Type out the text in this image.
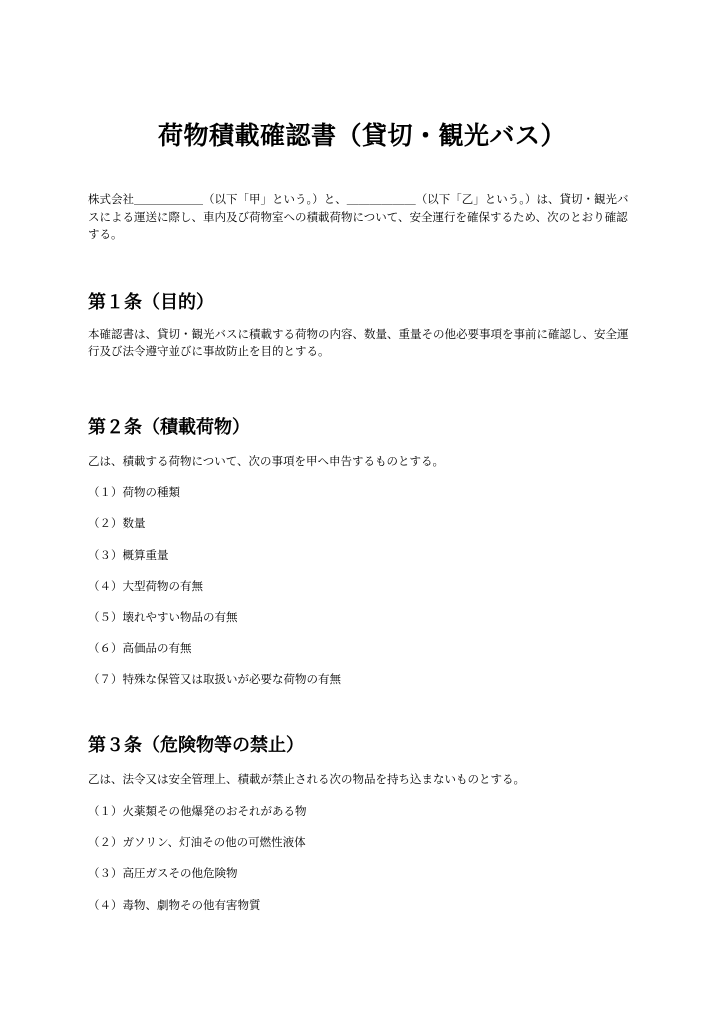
荷物積載確認書（貸切・観光バス）

株式会社＿＿＿＿＿＿（以下「甲」という。）と、＿＿＿＿＿＿（以下「乙」という。）は、貸切・観光バスによる運送に際し、車内及び荷物室への積載荷物について、安全運行を確保するため、次のとおり確認する。

第１条（目的）

本確認書は、貸切・観光バスに積載する荷物の内容、数量、重量その他必要事項を事前に確認し、安全運行及び法令遵守並びに事故防止を目的とする。

第２条（積載荷物）

乙は、積載する荷物について、次の事項を甲へ申告するものとする。

（１）荷物の種類
（２）数量
（３）概算重量
（４）大型荷物の有無
（５）壊れやすい物品の有無
（６）高価品の有無
（７）特殊な保管又は取扱いが必要な荷物の有無
第３条（危険物等の禁止）

乙は、法令又は安全管理上、積載が禁止される次の物品を持ち込まないものとする。

（１）火薬類その他爆発のおそれがある物
（２）ガソリン、灯油その他の可燃性液体
（３）高圧ガスその他危険物
（４）毒物、劇物その他有害物質
